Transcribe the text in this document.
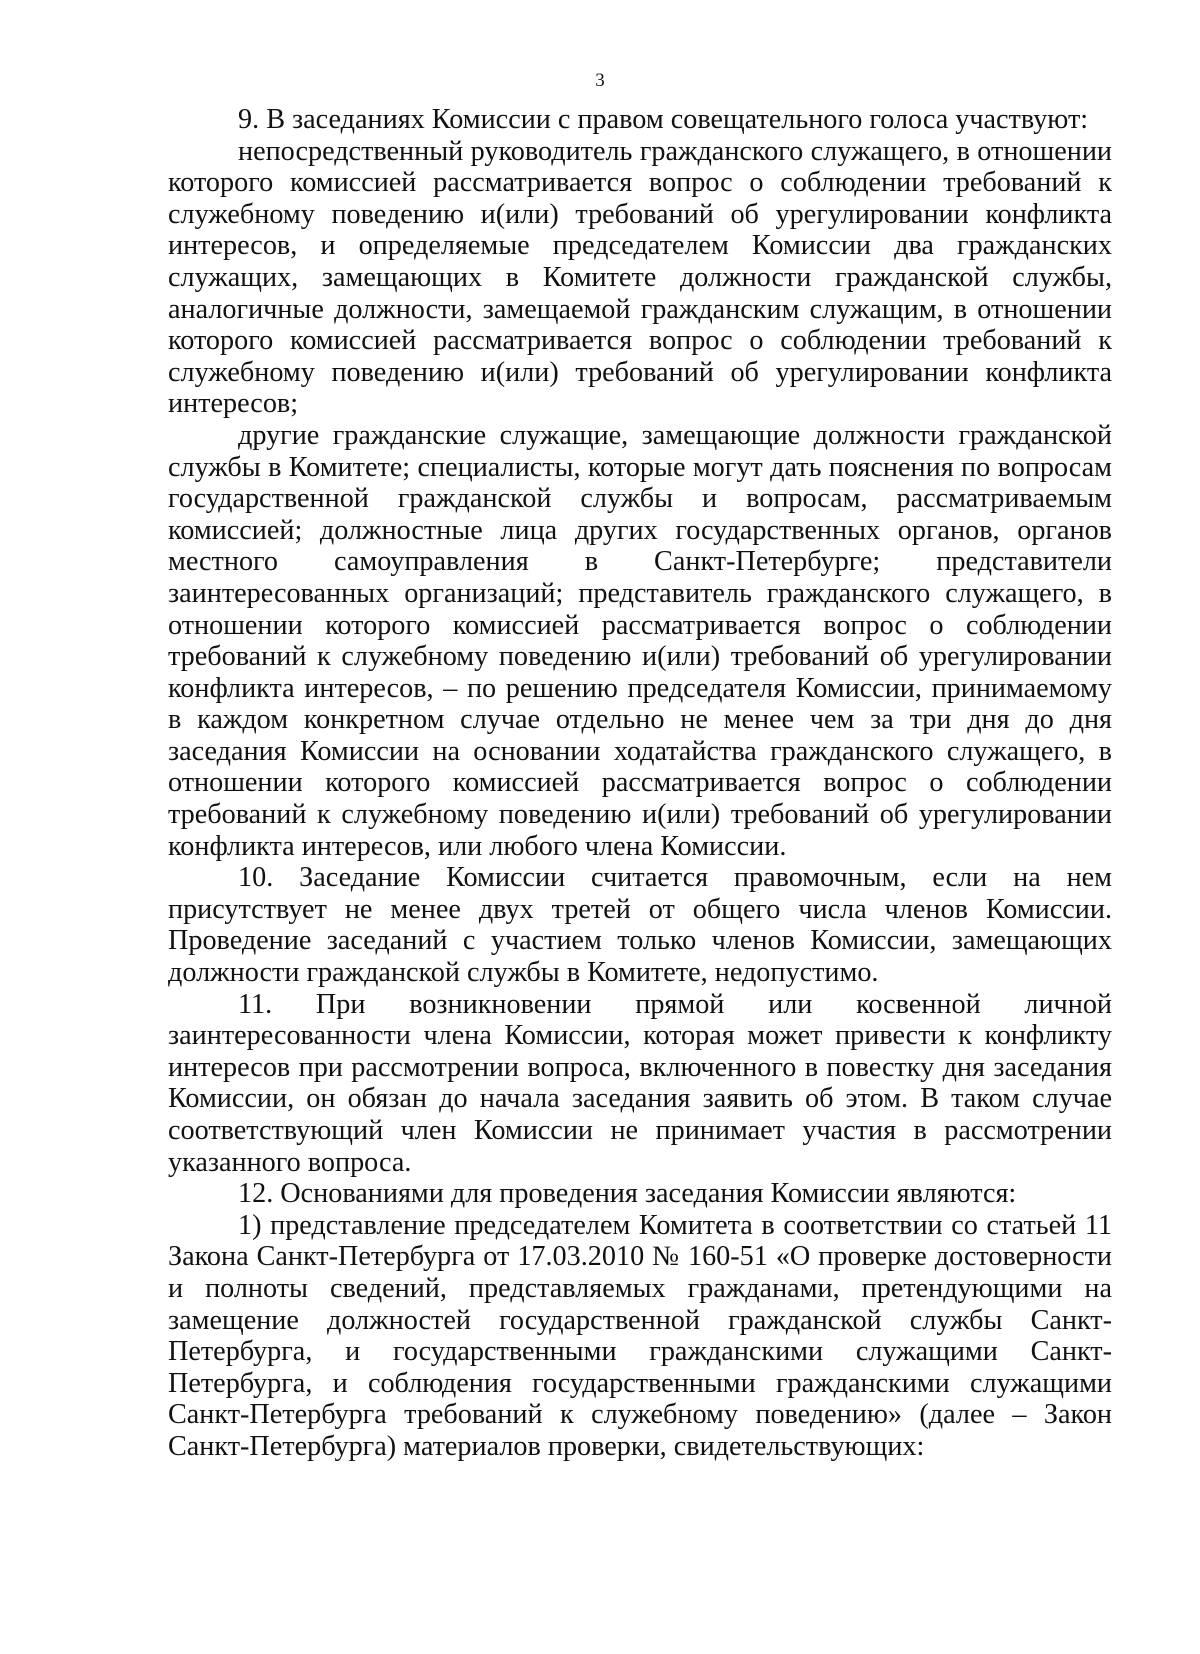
3

9. В заседаниях Комиссии с правом совещательного голоса участвуют:

непосредственный руководитель гражданского служащего, в отношении которого комиссией рассматривается вопрос о соблюдении требований к служебному поведению и(или) требований об урегулировании конфликта интересов, и определяемые председателем Комиссии два гражданских служащих, замещающих в Комитете должности гражданской службы, аналогичные должности, замещаемой гражданским служащим, в отношении которого комиссией рассматривается вопрос о соблюдении требований к служебному поведению и(или) требований об урегулировании конфликта интересов;

другие гражданские служащие, замещающие должности гражданской службы в Комитете; специалисты, которые могут дать пояснения по вопросам государственной гражданской службы и вопросам, рассматриваемым комиссией; должностные лица других государственных органов, органов местного самоуправления в Санкт-Петербурге; представители заинтересованных организаций; представитель гражданского служащего, в отношении которого комиссией рассматривается вопрос о соблюдении требований к служебному поведению и(или) требований об урегулировании конфликта интересов, – по решению председателя Комиссии, принимаемому в каждом конкретном случае отдельно не менее чем за три дня до дня заседания Комиссии на основании ходатайства гражданского служащего, в отношении которого комиссией рассматривается вопрос о соблюдении требований к служебному поведению и(или) требований об урегулировании конфликта интересов, или любого члена Комиссии.

10. Заседание Комиссии считается правомочным, если на нем присутствует не менее двух третей от общего числа членов Комиссии. Проведение заседаний с участием только членов Комиссии, замещающих должности гражданской службы в Комитете, недопустимо.

11. При возникновении прямой или косвенной личной заинтересованности члена Комиссии, которая может привести к конфликту интересов при рассмотрении вопроса, включенного в повестку дня заседания Комиссии, он обязан до начала заседания заявить об этом. В таком случае соответствующий член Комиссии не принимает участия в рассмотрении указанного вопроса.

12. Основаниями для проведения заседания Комиссии являются:

1) представление председателем Комитета в соответствии со статьей 11 Закона Санкт-Петербурга от 17.03.2010 № 160-51 «О проверке достоверности и полноты сведений, представляемых гражданами, претендующими на замещение должностей государственной гражданской службы Санкт-Петербурга, и государственными гражданскими служащими Санкт-Петербурга, и соблюдения государственными гражданскими служащими Санкт-Петербурга требований к служебному поведению» (далее – Закон Санкт-Петербурга) материалов проверки, свидетельствующих:
